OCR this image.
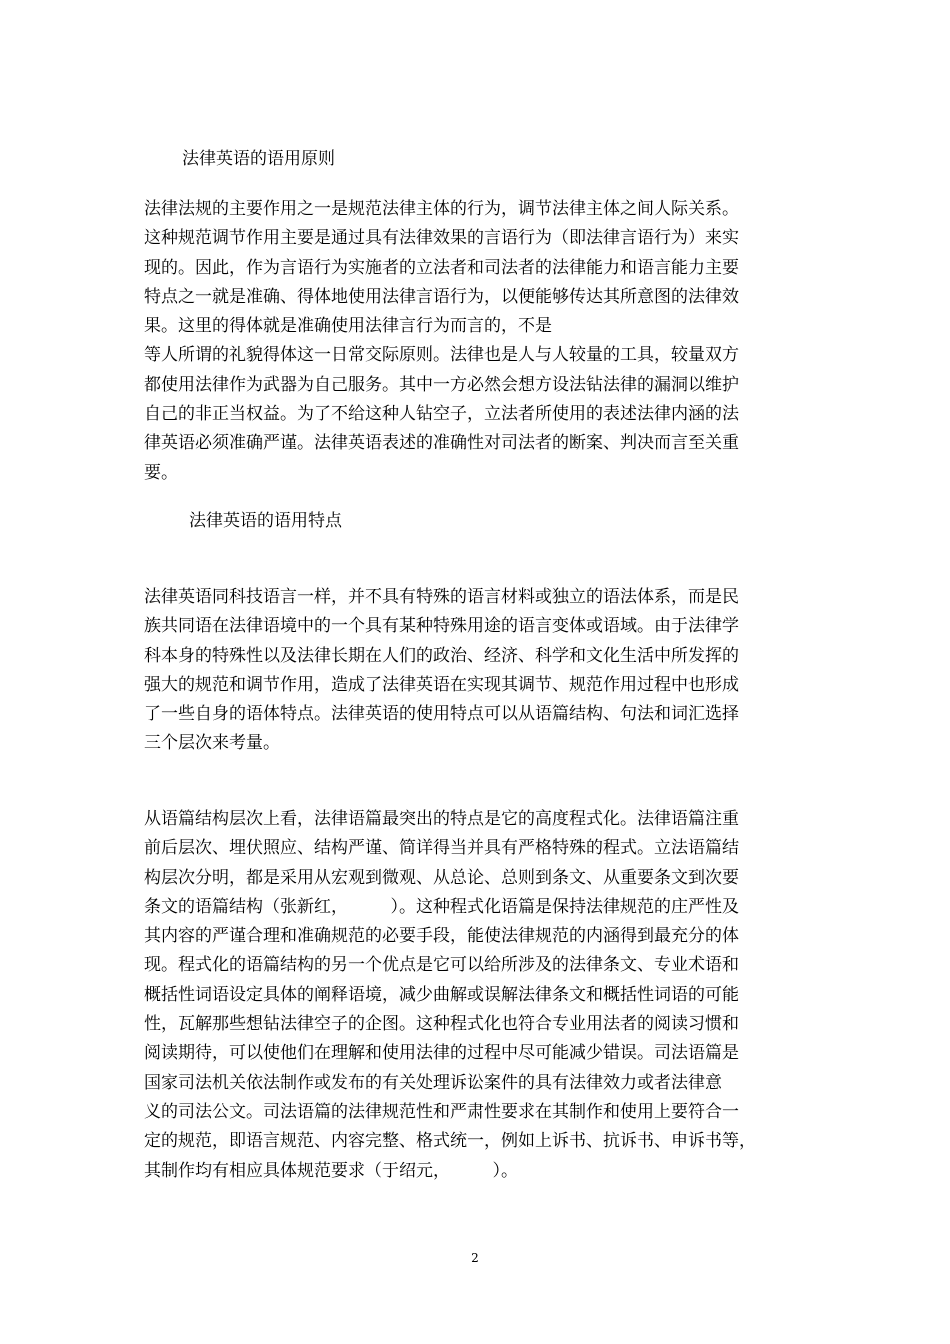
法律英语的语用原则
法律法规的主要作用之一是规范法律主体的行为，调节法律主体之间人际关系。
这种规范调节作用主要是通过具有法律效果的言语行为（即法律言语行为）来实
现的。因此，作为言语行为实施者的立法者和司法者的法律能力和语言能力主要
特点之一就是准确、得体地使用法律言语行为，以便能够传达其所意图的法律效
果。这里的得体就是准确使用法律言行为而言的，不是
等人所谓的礼貌得体这一日常交际原则。法律也是人与人较量的工具，较量双方
都使用法律作为武器为自己服务。其中一方必然会想方设法钻法律的漏洞以维护
自己的非正当权益。为了不给这种人钻空子，立法者所使用的表述法律内涵的法
律英语必须准确严谨。法律英语表述的准确性对司法者的断案、判决而言至关重
要。
法律英语的语用特点
法律英语同科技语言一样，并不具有特殊的语言材料或独立的语法体系，而是民
族共同语在法律语境中的一个具有某种特殊用途的语言变体或语域。由于法律学
科本身的特殊性以及法律长期在人们的政治、经济、科学和文化生活中所发挥的
强大的规范和调节作用，造成了法律英语在实现其调节、规范作用过程中也形成
了一些自身的语体特点。法律英语的使用特点可以从语篇结构、句法和词汇选择
三个层次来考量。
从语篇结构层次上看，法律语篇最突出的特点是它的高度程式化。法律语篇注重
前后层次、埋伏照应、结构严谨、简详得当并具有严格特殊的程式。立法语篇结
构层次分明，都是采用从宏观到微观、从总论、总则到条文、从重要条文到次要
条文的语篇结构（张新红，　　　）。这种程式化语篇是保持法律规范的庄严性及
其内容的严谨合理和准确规范的必要手段，能使法律规范的内涵得到最充分的体
现。程式化的语篇结构的另一个优点是它可以给所涉及的法律条文、专业术语和
概括性词语设定具体的阐释语境，减少曲解或误解法律条文和概括性词语的可能
性，瓦解那些想钻法律空子的企图。这种程式化也符合专业用法者的阅读习惯和
阅读期待，可以使他们在理解和使用法律的过程中尽可能减少错误。司法语篇是
国家司法机关依法制作或发布的有关处理诉讼案件的具有法律效力或者法律意
义的司法公文。司法语篇的法律规范性和严肃性要求在其制作和使用上要符合一
定的规范，即语言规范、内容完整、格式统一，例如上诉书、抗诉书、申诉书等，
其制作均有相应具体规范要求（于绍元，　　　）。
2
